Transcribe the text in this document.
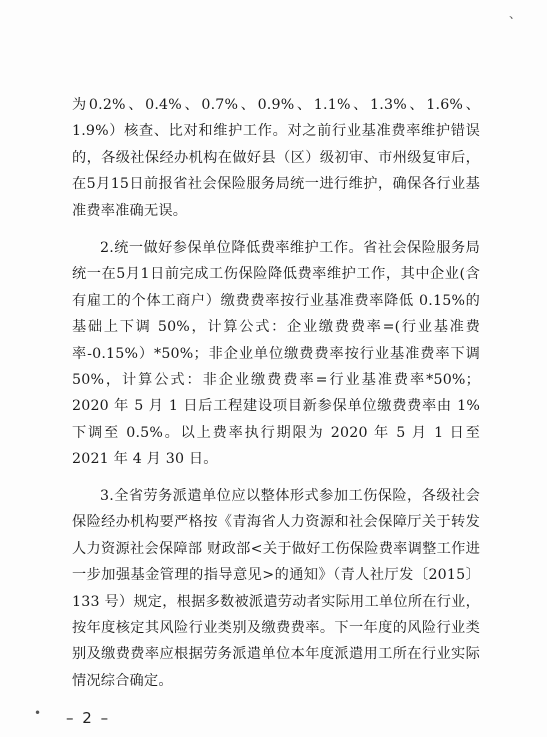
、

为0.2%、0.4%、0.7%、0.9%、1.1%、1.3%、1.6%、1.9%）核查、比对和维护工作。对之前行业基准费率维护错误的，各级社保经办机构在做好县（区）级初审、市州级复审后，在5月15日前报省社会保险服务局统一进行维护，确保各行业基准费率准确无误。

2.统一做好参保单位降低费率维护工作。省社会保险服务局统一在5月1日前完成工伤保险降低费率维护工作，其中企业(含有雇工的个体工商户）缴费费率按行业基准费率降低 0.15%的基础上下调 50%，计算公式：企业缴费费率=(行业基准费率-0.15%）*50%；非企业单位缴费费率按行业基准费率下调 50%，计算公式：非企业缴费费率=行业基准费率*50%；2020 年 5 月 1 日后工程建设项目新参保单位缴费费率由 1%下调至 0.5%。以上费率执行期限为 2020 年 5 月 1 日至 2021 年 4 月 30 日。

3.全省劳务派遣单位应以整体形式参加工伤保险，各级社会保险经办机构要严格按《青海省人力资源和社会保障厅关于转发人力资源社会保障部 财政部<关于做好工伤保险费率调整工作进一步加强基金管理的指导意见>的通知》（青人社厅发〔2015〕133 号）规定，根据多数被派遣劳动者实际用工单位所在行业，按年度核定其风险行业类别及缴费费率。下一年度的风险行业类别及缴费费率应根据劳务派遣单位本年度派遣用工所在行业实际情况综合确定。

• – 2 –
